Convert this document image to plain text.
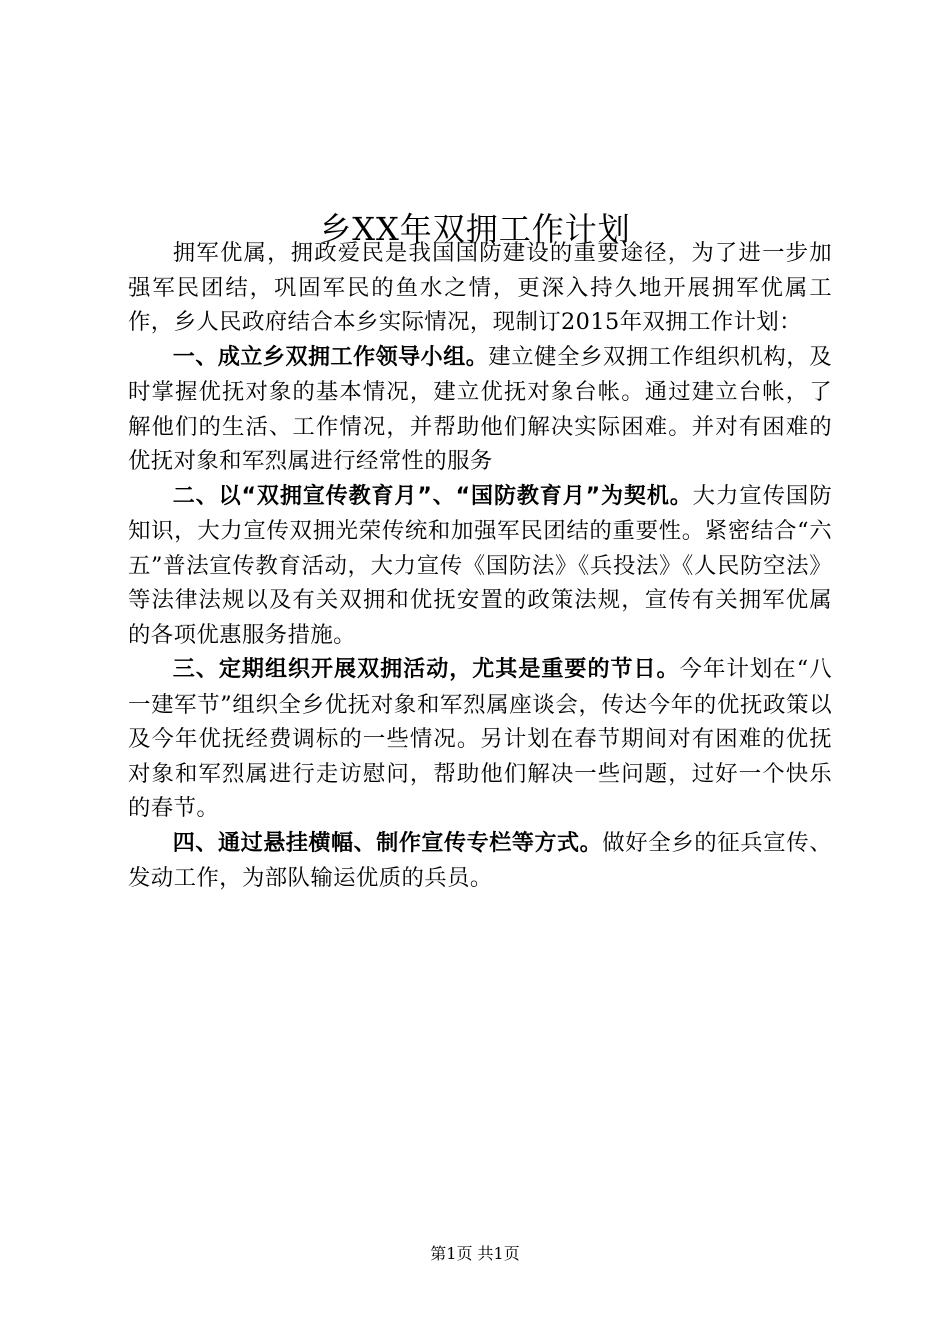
乡XX年双拥工作计划

拥军优属，拥政爱民是我国国防建设的重要途径，为了进一步加强军民团结，巩固军民的鱼水之情，更深入持久地开展拥军优属工作，乡人民政府结合本乡实际情况，现制订2015年双拥工作计划：

一、成立乡双拥工作领导小组。建立健全乡双拥工作组织机构，及时掌握优抚对象的基本情况，建立优抚对象台帐。通过建立台帐，了解他们的生活、工作情况，并帮助他们解决实际困难。并对有困难的优抚对象和军烈属进行经常性的服务

二、以“双拥宣传教育月”、“国防教育月”为契机。大力宣传国防知识，大力宣传双拥光荣传统和加强军民团结的重要性。紧密结合“六五”普法宣传教育活动，大力宣传《国防法》《兵投法》《人民防空法》等法律法规以及有关双拥和优抚安置的政策法规，宣传有关拥军优属的各项优惠服务措施。

三、定期组织开展双拥活动，尤其是重要的节日。今年计划在“八一建军节”组织全乡优抚对象和军烈属座谈会，传达今年的优抚政策以及今年优抚经费调标的一些情况。另计划在春节期间对有困难的优抚对象和军烈属进行走访慰问，帮助他们解决一些问题，过好一个快乐的春节。

四、通过悬挂横幅、制作宣传专栏等方式。做好全乡的征兵宣传、发动工作，为部队输运优质的兵员。

第1页 共1页
